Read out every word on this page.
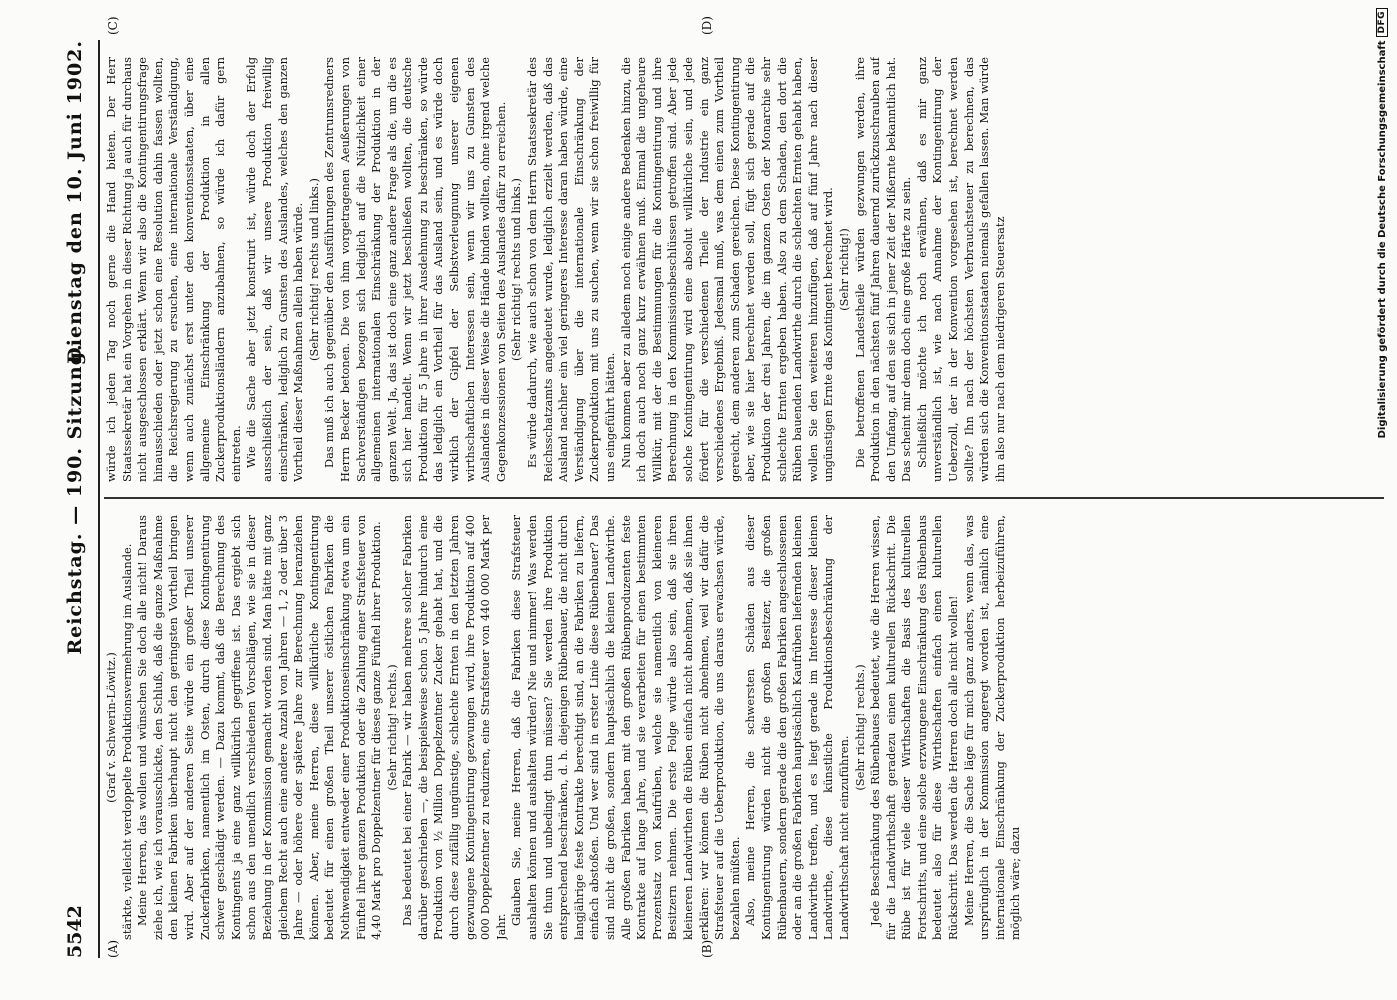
5542
Reichstag. — 190. Sitzung.
Dienstag den 10. Juni 1902.

(Graf v. Schwerin-Löwitz.) stärkte, vielleicht verdoppelte Produktionsvermehrung im Auslande. Meine Herren, das wollen und wünschen Sie doch alle nicht! Daraus ziehe ich, wie ich vorausschickte, den Schluß, daß die ganze Maßnahme den kleinen Fabriken überhaupt nicht den geringsten Vortheil bringen wird. Aber auf der anderen Seite würde ein großer Theil unserer Zuckerfabriken, namentlich im Osten, durch diese Kontingentirung schwer geschädigt werden. — Dazu kommt, daß die Berechnung des Kontingents ja eine ganz willkürlich gegriffene ist. Das ergiebt sich schon aus den unendlich verschiedenen Vorschlägen, wie sie in dieser Beziehung in der Kommission gemacht worden sind. Man hätte mit ganz gleichem Recht auch eine andere Anzahl von Jahren — 1, 2 oder über 3 Jahre — oder höhere oder spätere Jahre zur Berechnung heranziehen können. Aber, meine Herren, diese willkürliche Kontingentirung bedeutet für einen großen Theil unserer östlichen Fabriken die Nothwendigkeit entweder einer Produktionseinschränkung etwa um ein Fünftel ihrer ganzen Produktion oder die Zahlung einer Strafsteuer von 4,40 Mark pro Doppelzentner für dieses ganze Fünftel ihrer Produktion. (Sehr richtig! rechts.) Das bedeutet bei einer Fabrik — wir haben mehrere solcher Fabriken darüber geschrieben —, die beispielsweise schon 5 Jahre hindurch eine Produktion von ½ Million Doppelzentner Zucker gehabt hat, und die durch diese zufällig ungünstige, schlechte Ernten in den letzten Jahren gezwungene Kontingentirung gezwungen wird, ihre Produktion auf 400 000 Doppelzentner zu reduziren, eine Strafsteuer von 440 000 Mark per Jahr.

Glauben Sie, meine Herren, daß die Fabriken diese Strafsteuer aushalten können und aushalten würden? Nie und nimmer! Was werden Sie thun und unbedingt thun müssen? Sie werden ihre Produktion entsprechend beschränken, d. h. diejenigen Rübenbauer, die nicht durch langjährige feste Kontrakte berechtigt sind, an die Fabriken zu liefern, einfach abstoßen. Und wer sind in erster Linie diese Rübenbauer? Das sind nicht die großen, sondern hauptsächlich die kleinen Landwirthe. Alle großen Fabriken haben mit den großen Rübenproduzenten feste Kontrakte auf lange Jahre, und sie verarbeiten für einen bestimmten Prozentsatz von Kaufrüben, welche sie namentlich von kleineren Besitzern nehmen. Die erste Folge würde also sein, daß sie ihren kleineren Landwirthen die Rüben einfach nicht abnehmen, daß sie ihnen erklären: wir können die Rüben nicht abnehmen, weil wir dafür die Strafsteuer auf die Ueberproduktion, die uns daraus erwachsen würde, bezahlen müßten. Also, meine Herren, die schwersten Schäden aus dieser Kontingentirung würden nicht die großen Besitzer, die großen Rübenbauern, sondern gerade die den großen Fabriken angeschlossenen oder an die großen Fabriken hauptsächlich Kaufrüben liefernden kleinen Landwirthe treffen, und es liegt gerade im Interesse dieser kleinen Landwirthe, diese künstliche Produktionsbeschränkung der Landwirthschaft nicht einzuführen.

(Sehr richtig! rechts.) Jede Beschränkung des Rübenbaues bedeutet, wie die Herren wissen, für die Landwirthschaft geradezu einen kulturellen Rückschritt. Die Rübe ist für viele dieser Wirthschaften die Basis des kulturellen Fortschritts, und eine solche erzwungene Einschränkung des Rübenbaus bedeutet also für diese Wirthschaften einfach einen kulturellen Rückschritt. Das werden die Herren doch alle nicht wollen! Meine Herren, die Sache läge für mich ganz anders, wenn das, was ursprünglich in der Kommission angeregt worden ist, nämlich eine internationale Einschränkung der Zuckerproduktion herbeizuführen, möglich wäre; dazu

würde ich jeden Tag noch gerne die Hand bieten. Der Herr Staatssekretär hat ein Vorgehen in dieser Richtung ja auch für durchaus nicht ausgeschlossen erklärt. Wenn wir also die Kontingentirungsfrage hinausschieden oder jetzt schon eine Resolution dahin fassen wollten, die Reichsregierung zu ersuchen, eine internationale Verständigung, wenn auch zunächst erst unter den konventionsstaaten, über eine allgemeine Einschränkung der Produktion in allen Zuckerproduktionsländern anzubahnen, so würde ich dafür gern eintreten. Wie die Sache aber jetzt konstruirt ist, würde doch der Erfolg ausschließlich der sein, daß wir unsere Produktion freiwillig einschränken, lediglich zu Gunsten des Auslandes, welches den ganzen Vortheil dieser Maßnahmen allein haben würde. (Sehr richtig! rechts und links.) Das muß ich auch gegenüber den Ausführungen des Zentrumsredners Herrn Becker betonen. Die von ihm vorgetragenen Aeußerungen von Sachverständigen bezogen sich lediglich auf die Nützlichkeit einer allgemeinen internationalen Einschränkung der Produktion in der ganzen Welt. Ja, das ist doch eine ganz andere Frage als die, um die es sich hier handelt. Wenn wir jetzt beschließen wollten, die deutsche Produktion für 5 Jahre in ihrer Ausdehnung zu beschränken, so würde das lediglich ein Vortheil für das Ausland sein, und es würde doch wirklich der Gipfel der Selbstverleugnung unserer eigenen wirthschaftlichen Interessen sein, wenn wir uns zu Gunsten des Auslandes in dieser Weise die Hände binden wollten, ohne irgend welche Gegenkonzessionen von Seiten des Auslandes dafür zu erreichen. (Sehr richtig! rechts und links.) Es würde dadurch, wie auch schon von dem Herrn Staatssekretär des Reichsschatzamts angedeutet wurde, lediglich erzielt werden, daß das Ausland nachher ein viel geringeres Interesse daran haben würde, eine Verständigung über die internationale Einschränkung der Zuckerproduktion mit uns zu suchen, wenn wir sie schon freiwillig für uns eingeführt hätten. Nun kommen aber zu alledem noch einige andere Bedenken hinzu, die ich doch auch noch ganz kurz erwähnen muß. Einmal die ungeheure Willkür, mit der die Bestimmungen für die Kontingentirung und ihre Berechnung in den Kommissionsbeschlüssen getroffen sind. Aber jede solche Kontingentirung wird eine absolut willkürliche sein, und jede fördert für die verschiedenen Theile der Industrie ein ganz verschiedenes Ergebniß. Jedesmal muß, was dem einen zum Vortheil gereicht, dem anderen zum Schaden gereichen. Diese Kontingentirung aber, wie sie hier berechnet werden soll, fügt sich gerade auf die Produktion der drei Jahren, die im ganzen Osten der Monarchie sehr schlechte Ernten ergeben haben. Also zu dem Schaden, den dort die Rüben bauenden Landwirthe durch die schlechten Ernten gehabt haben, wollen Sie den weiteren hinzufügen, daß auf fünf Jahre nach dieser ungünstigen Ernte das Kontingent berechnet wird. (Sehr richtig!) Die betroffenen Landestheile würden gezwungen werden, ihre Produktion in den nächsten fünf Jahren dauernd zurückzuschrauben auf den Umfang, auf den sie sich in jener Zeit der Mißernte bekanntlich hat. Das scheint mir denn doch eine große Härte zu sein. Schließlich möchte ich noch erwähnen, daß es mir ganz unverständlich ist, wie nach Annahme der Kontingentirung der Ueberzoll, der in der Konvention vorgesehen ist, berechnet werden sollte? Ihn nach der höchsten Verbrauchsteuer zu berechnen, das würden sich die Konventionsstaaten niemals gefallen lassen. Man würde ihn also nur nach dem niedrigeren Steuersatz

(A)	(B)
(C)	(D)
Digitalisierung gefördert durch die Deutsche Forschungsgemeinschaft
DFG
